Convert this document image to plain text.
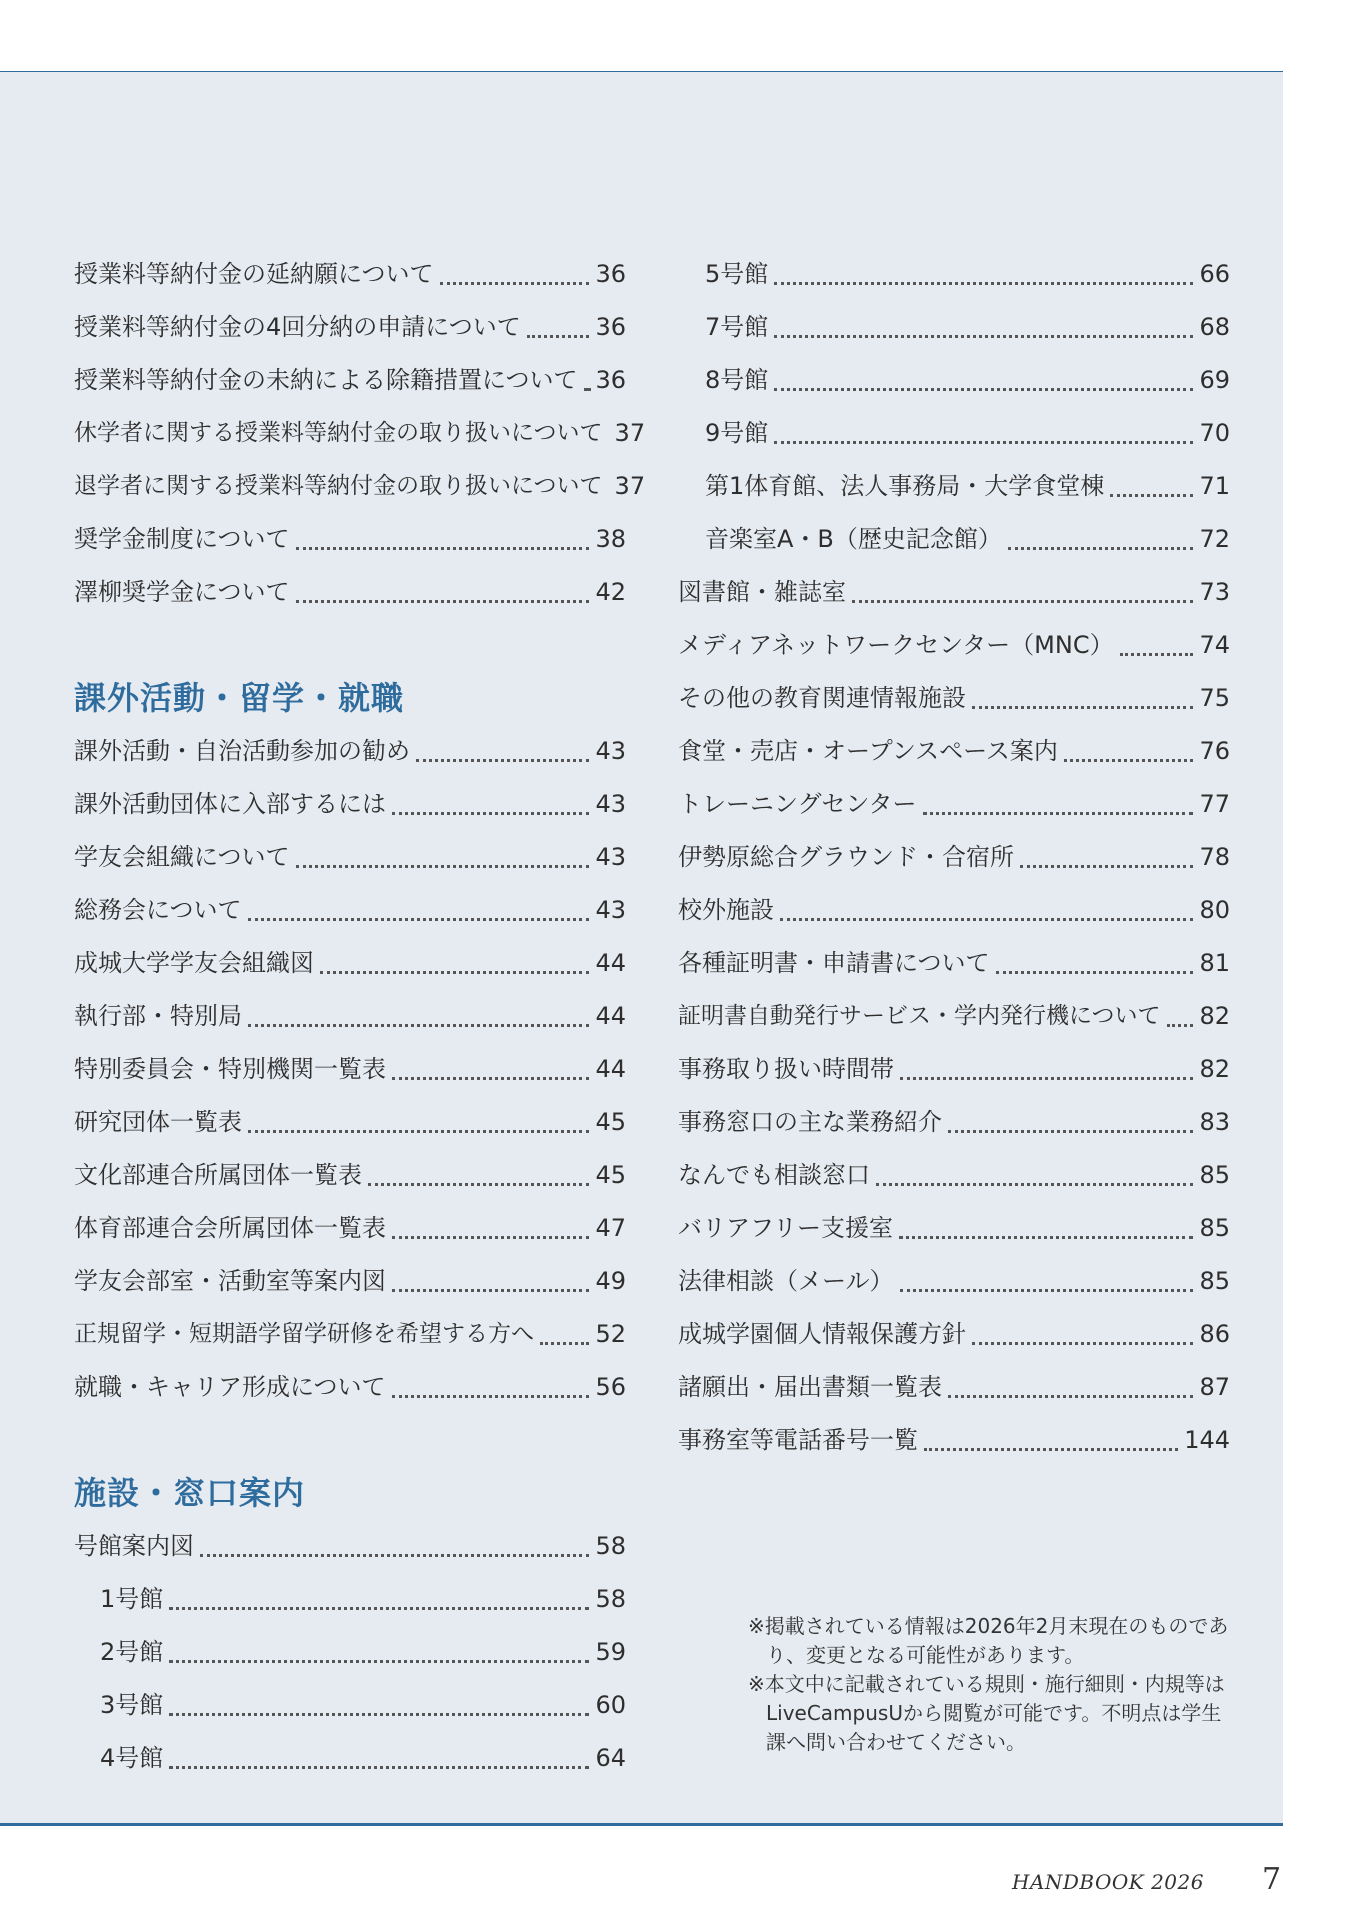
授業料等納付金の延納願について	36
授業料等納付金の4回分納の申請について	36
授業料等納付金の未納による除籍措置について 36
休学者に関する授業料等納付金の取り扱いについて 37
退学者に関する授業料等納付金の取り扱いについて 37
奨学金制度について	38
澤柳奨学金について	42
課外活動・留学・就職
課外活動・自治活動参加の勧め	43
課外活動団体に入部するには	43
学友会組織について	43
総務会について	43
成城大学学友会組織図	44
執行部・特別局	44
特別委員会・特別機関一覧表	44
研究団体一覧表	45
文化部連合所属団体一覧表	45
体育部連合会所属団体一覧表	47
学友会部室・活動室等案内図	49
正規留学・短期語学留学研修を希望する方へ	52
就職・キャリア形成について	56
施設・窓口案内
号館案内図	58
1号館	58
2号館	59
3号館	60
4号館	64
5号館	66
7号館	68
8号館	69
9号館	70
第1体育館、法人事務局・大学食堂棟	71
音楽室A・B（歴史記念館）	72
図書館・雑誌室	73
メディアネットワークセンター（MNC）	74
その他の教育関連情報施設	75
食堂・売店・オープンスペース案内	76
トレーニングセンター	77
伊勢原総合グラウンド・合宿所	78
校外施設	80
各種証明書・申請書について	81
証明書自動発行サービス・学内発行機について 82
事務取り扱い時間帯	82
事務窓口の主な業務紹介	83
なんでも相談窓口	85
バリアフリー支援室	85
法律相談（メール）	85
成城学園個人情報保護方針	86
諸願出・届出書類一覧表	87
事務室等電話番号一覧	144

※掲載されている情報は2026年2月末現在のものであり、変更となる可能性があります。

※本文中に記載されている規則・施行細則・内規等はLiveCampusUから閲覧が可能です。不明点は学生課へ問い合わせてください。

HANDBOOK 2026 7
